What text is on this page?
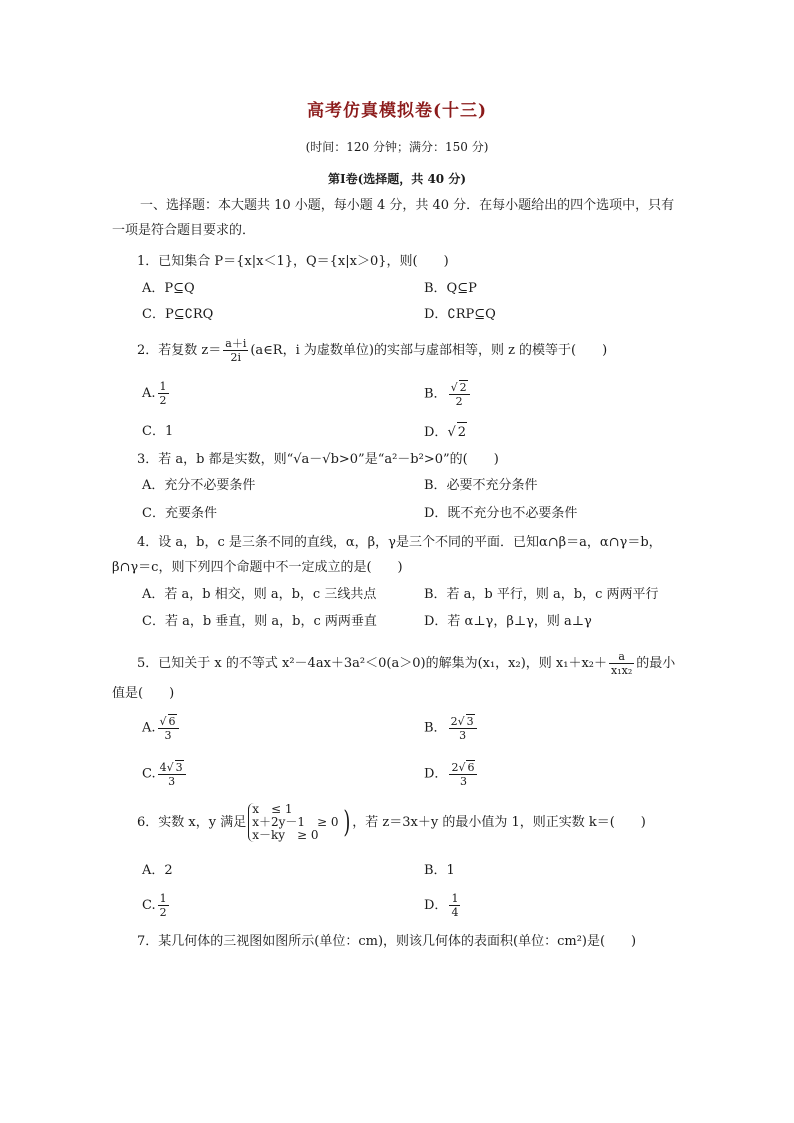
高考仿真模拟卷(十三)
(时间：120 分钟；满分：150 分)
第Ⅰ卷(选择题，共 40 分)
一、选择题：本大题共 10 小题，每小题 4 分，共 40 分．在每小题给出的四个选项中，只有一项是符合题目要求的．
1．已知集合 P＝{x|x＜1}，Q＝{x|x＞0}，则(　　)
A．P⊆Q	B．Q⊆P
C．P⊆∁RQ	D．∁RP⊆Q
2．若复数 $z= \frac{a+i}{2i}$ (a∈R，i 为虚数单位)的实部与虚部相等，则 z 的模等于(　　)
A. $\frac{1}{2}$	B． $\frac{√ 2}{2}$
C．1	D．√ 2
3．若 a，b 都是实数，则“√a－√b>0”是“a²－b²>0”的(　　)
A．充分不必要条件	B．必要不充分条件
C．充要条件	D．既不充分也不必要条件
4．设 a，b，c 是三条不同的直线，α，β，γ是三个不同的平面．已知α∩β＝a，α∩γ＝b，β∩γ＝c，则下列四个命题中不一定成立的是(　　)
A．若 a，b 相交，则 a，b，c 三线共点	B．若 a，b 平行，则 a，b，c 两两平行
C．若 a，b 垂直，则 a，b，c 两两垂直	D．若 α⊥γ，β⊥γ，则 a⊥γ
5．已知关于 x 的不等式 x²－4ax＋3a²＜0(a＞0)的解集为(x₁，x₂)，则 $x_1+x_2+ \frac{a}{\text{x₁x₂}}$ 的最小
值是(　　)
A. $\frac{√ 6}{3}$	B． $\frac{2√ 3}{3}$
C. $\frac{4√ 3}{3}$	D． $\frac{2√ 6}{3}$
6．实数 x，y 满足
x　≤ 1
x＋2y－1　≥ 0
x－ky　≥ 0 ) ，若 z＝3x＋y 的最小值为 1，则正实数 k＝(　　)
A．2	B．1
C. $\frac{1}{2}$	D． $\frac{1}{4}$
7．某几何体的三视图如图所示(单位：cm)，则该几何体的表面积(单位：cm²)是(　　)
